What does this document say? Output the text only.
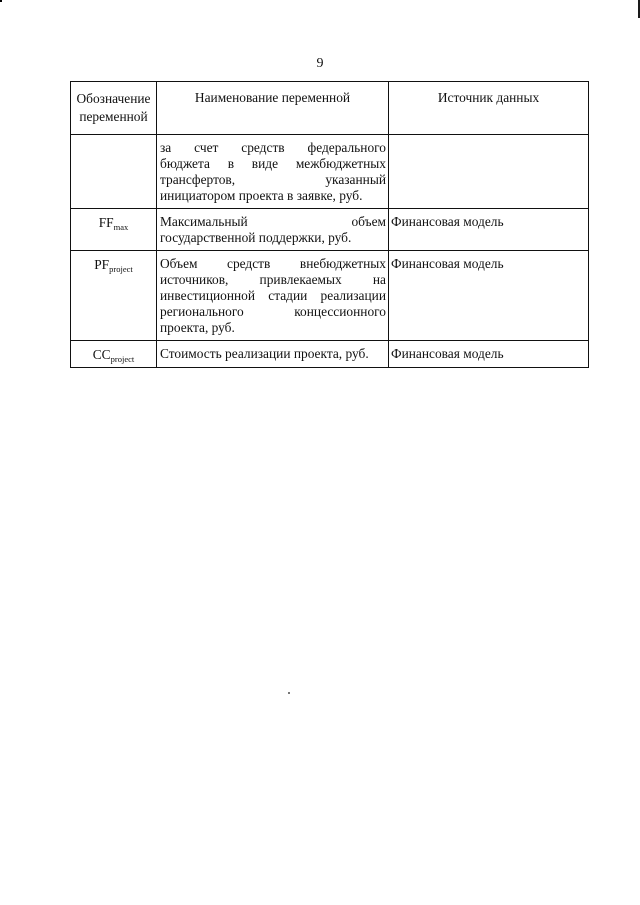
9
Обозначение
переменной	Наименование переменной	Источник данных

	за счет средств федерального
бюджета в виде межбюджетных
трансфертов, указанный
инициатором проекта в заявке, руб.	

$FF_{max}$	Максимальный объем
государственной поддержки, руб.	Финансовая модель
$PF_{project}$	Объем средств внебюджетных
источников, привлекаемых на
инвестиционной стадии реализации
регионального концессионного
проекта, руб.	Финансовая модель
$CC_{project}$	Стоимость реализации проекта, руб.	Финансовая модель
